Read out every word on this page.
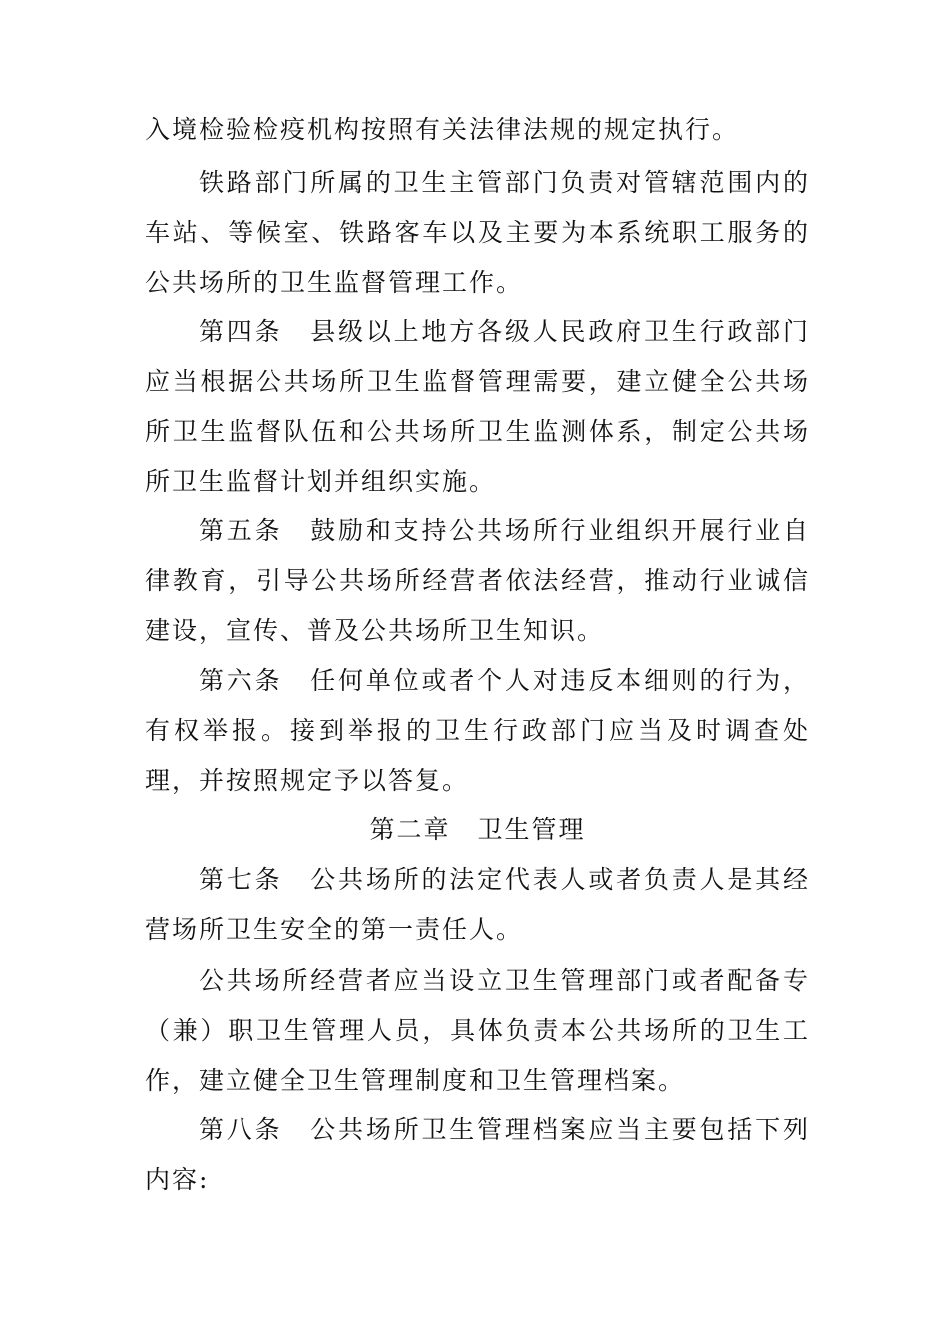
入境检验检疫机构按照有关法律法规的规定执行。

铁路部门所属的卫生主管部门负责对管辖范围内的车站、等候室、铁路客车以及主要为本系统职工服务的公共场所的卫生监督管理工作。

第四条　县级以上地方各级人民政府卫生行政部门应当根据公共场所卫生监督管理需要，建立健全公共场所卫生监督队伍和公共场所卫生监测体系，制定公共场所卫生监督计划并组织实施。

第五条　鼓励和支持公共场所行业组织开展行业自律教育，引导公共场所经营者依法经营，推动行业诚信建设，宣传、普及公共场所卫生知识。

第六条　任何单位或者个人对违反本细则的行为，有权举报。接到举报的卫生行政部门应当及时调查处理，并按照规定予以答复。

第二章　卫生管理

第七条　公共场所的法定代表人或者负责人是其经营场所卫生安全的第一责任人。

公共场所经营者应当设立卫生管理部门或者配备专（兼）职卫生管理人员，具体负责本公共场所的卫生工作，建立健全卫生管理制度和卫生管理档案。

第八条　公共场所卫生管理档案应当主要包括下列内容:
